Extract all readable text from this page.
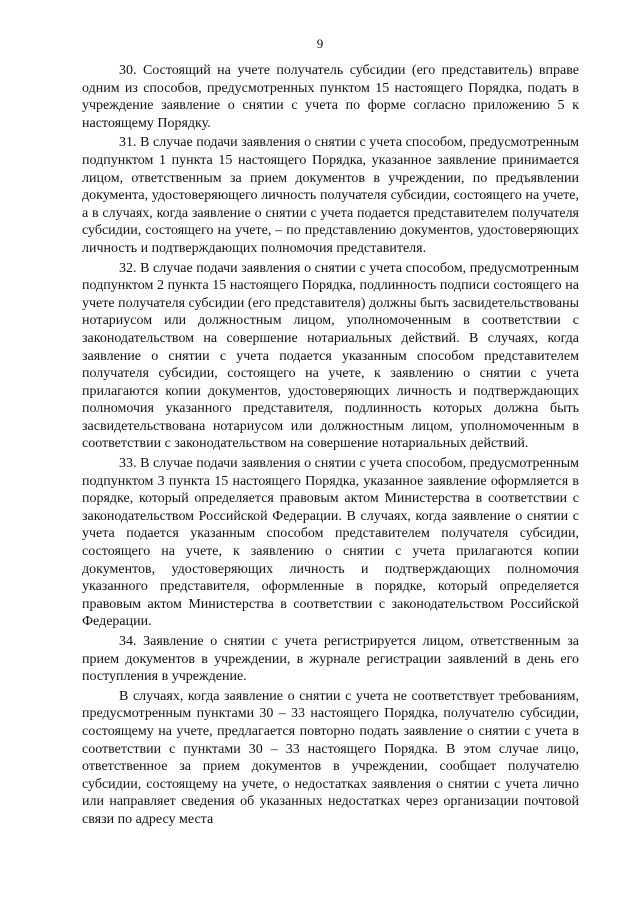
9

30. Состоящий на учете получатель субсидии (его представитель) вправе одним из способов, предусмотренных пунктом 15 настоящего Порядка, подать в учреждение заявление о снятии с учета по форме согласно приложению 5 к настоящему Порядку.

31. В случае подачи заявления о снятии с учета способом, предусмотренным подпунктом 1 пункта 15 настоящего Порядка, указанное заявление принимается лицом, ответственным за прием документов в учреждении, по предъявлении документа, удостоверяющего личность получателя субсидии, состоящего на учете, а в случаях, когда заявление о снятии с учета подается представителем получателя субсидии, состоящего на учете, – по представлению документов, удостоверяющих личность и подтверждающих полномочия представителя.

32. В случае подачи заявления о снятии с учета способом, предусмотренным подпунктом 2 пункта 15 настоящего Порядка, подлинность подписи состоящего на учете получателя субсидии (его представителя) должны быть засвидетельствованы нотариусом или должностным лицом, уполномоченным в соответствии с законодательством на совершение нотариальных действий. В случаях, когда заявление о снятии с учета подается указанным способом представителем получателя субсидии, состоящего на учете, к заявлению о снятии с учета прилагаются копии документов, удостоверяющих личность и подтверждающих полномочия указанного представителя, подлинность которых должна быть засвидетельствована нотариусом или должностным лицом, уполномоченным в соответствии с законодательством на совершение нотариальных действий.

33. В случае подачи заявления о снятии с учета способом, предусмотренным подпунктом 3 пункта 15 настоящего Порядка, указанное заявление оформляется в порядке, который определяется правовым актом Министерства в соответствии с законодательством Российской Федерации. В случаях, когда заявление о снятии с учета подается указанным способом представителем получателя субсидии, состоящего на учете, к заявлению о снятии с учета прилагаются копии документов, удостоверяющих личность и подтверждающих полномочия указанного представителя, оформленные в порядке, который определяется правовым актом Министерства в соответствии с законодательством Российской Федерации.

34. Заявление о снятии с учета регистрируется лицом, ответственным за прием документов в учреждении, в журнале регистрации заявлений в день его поступления в учреждение.

В случаях, когда заявление о снятии с учета не соответствует требованиям, предусмотренным пунктами 30 – 33 настоящего Порядка, получателю субсидии, состоящему на учете, предлагается повторно подать заявление о снятии с учета в соответствии с пунктами 30 – 33 настоящего Порядка. В этом случае лицо, ответственное за прием документов в учреждении, сообщает получателю субсидии, состоящему на учете, о недостатках заявления о снятии с учета лично или направляет сведения об указанных недостатках через организации почтовой связи по адресу места
